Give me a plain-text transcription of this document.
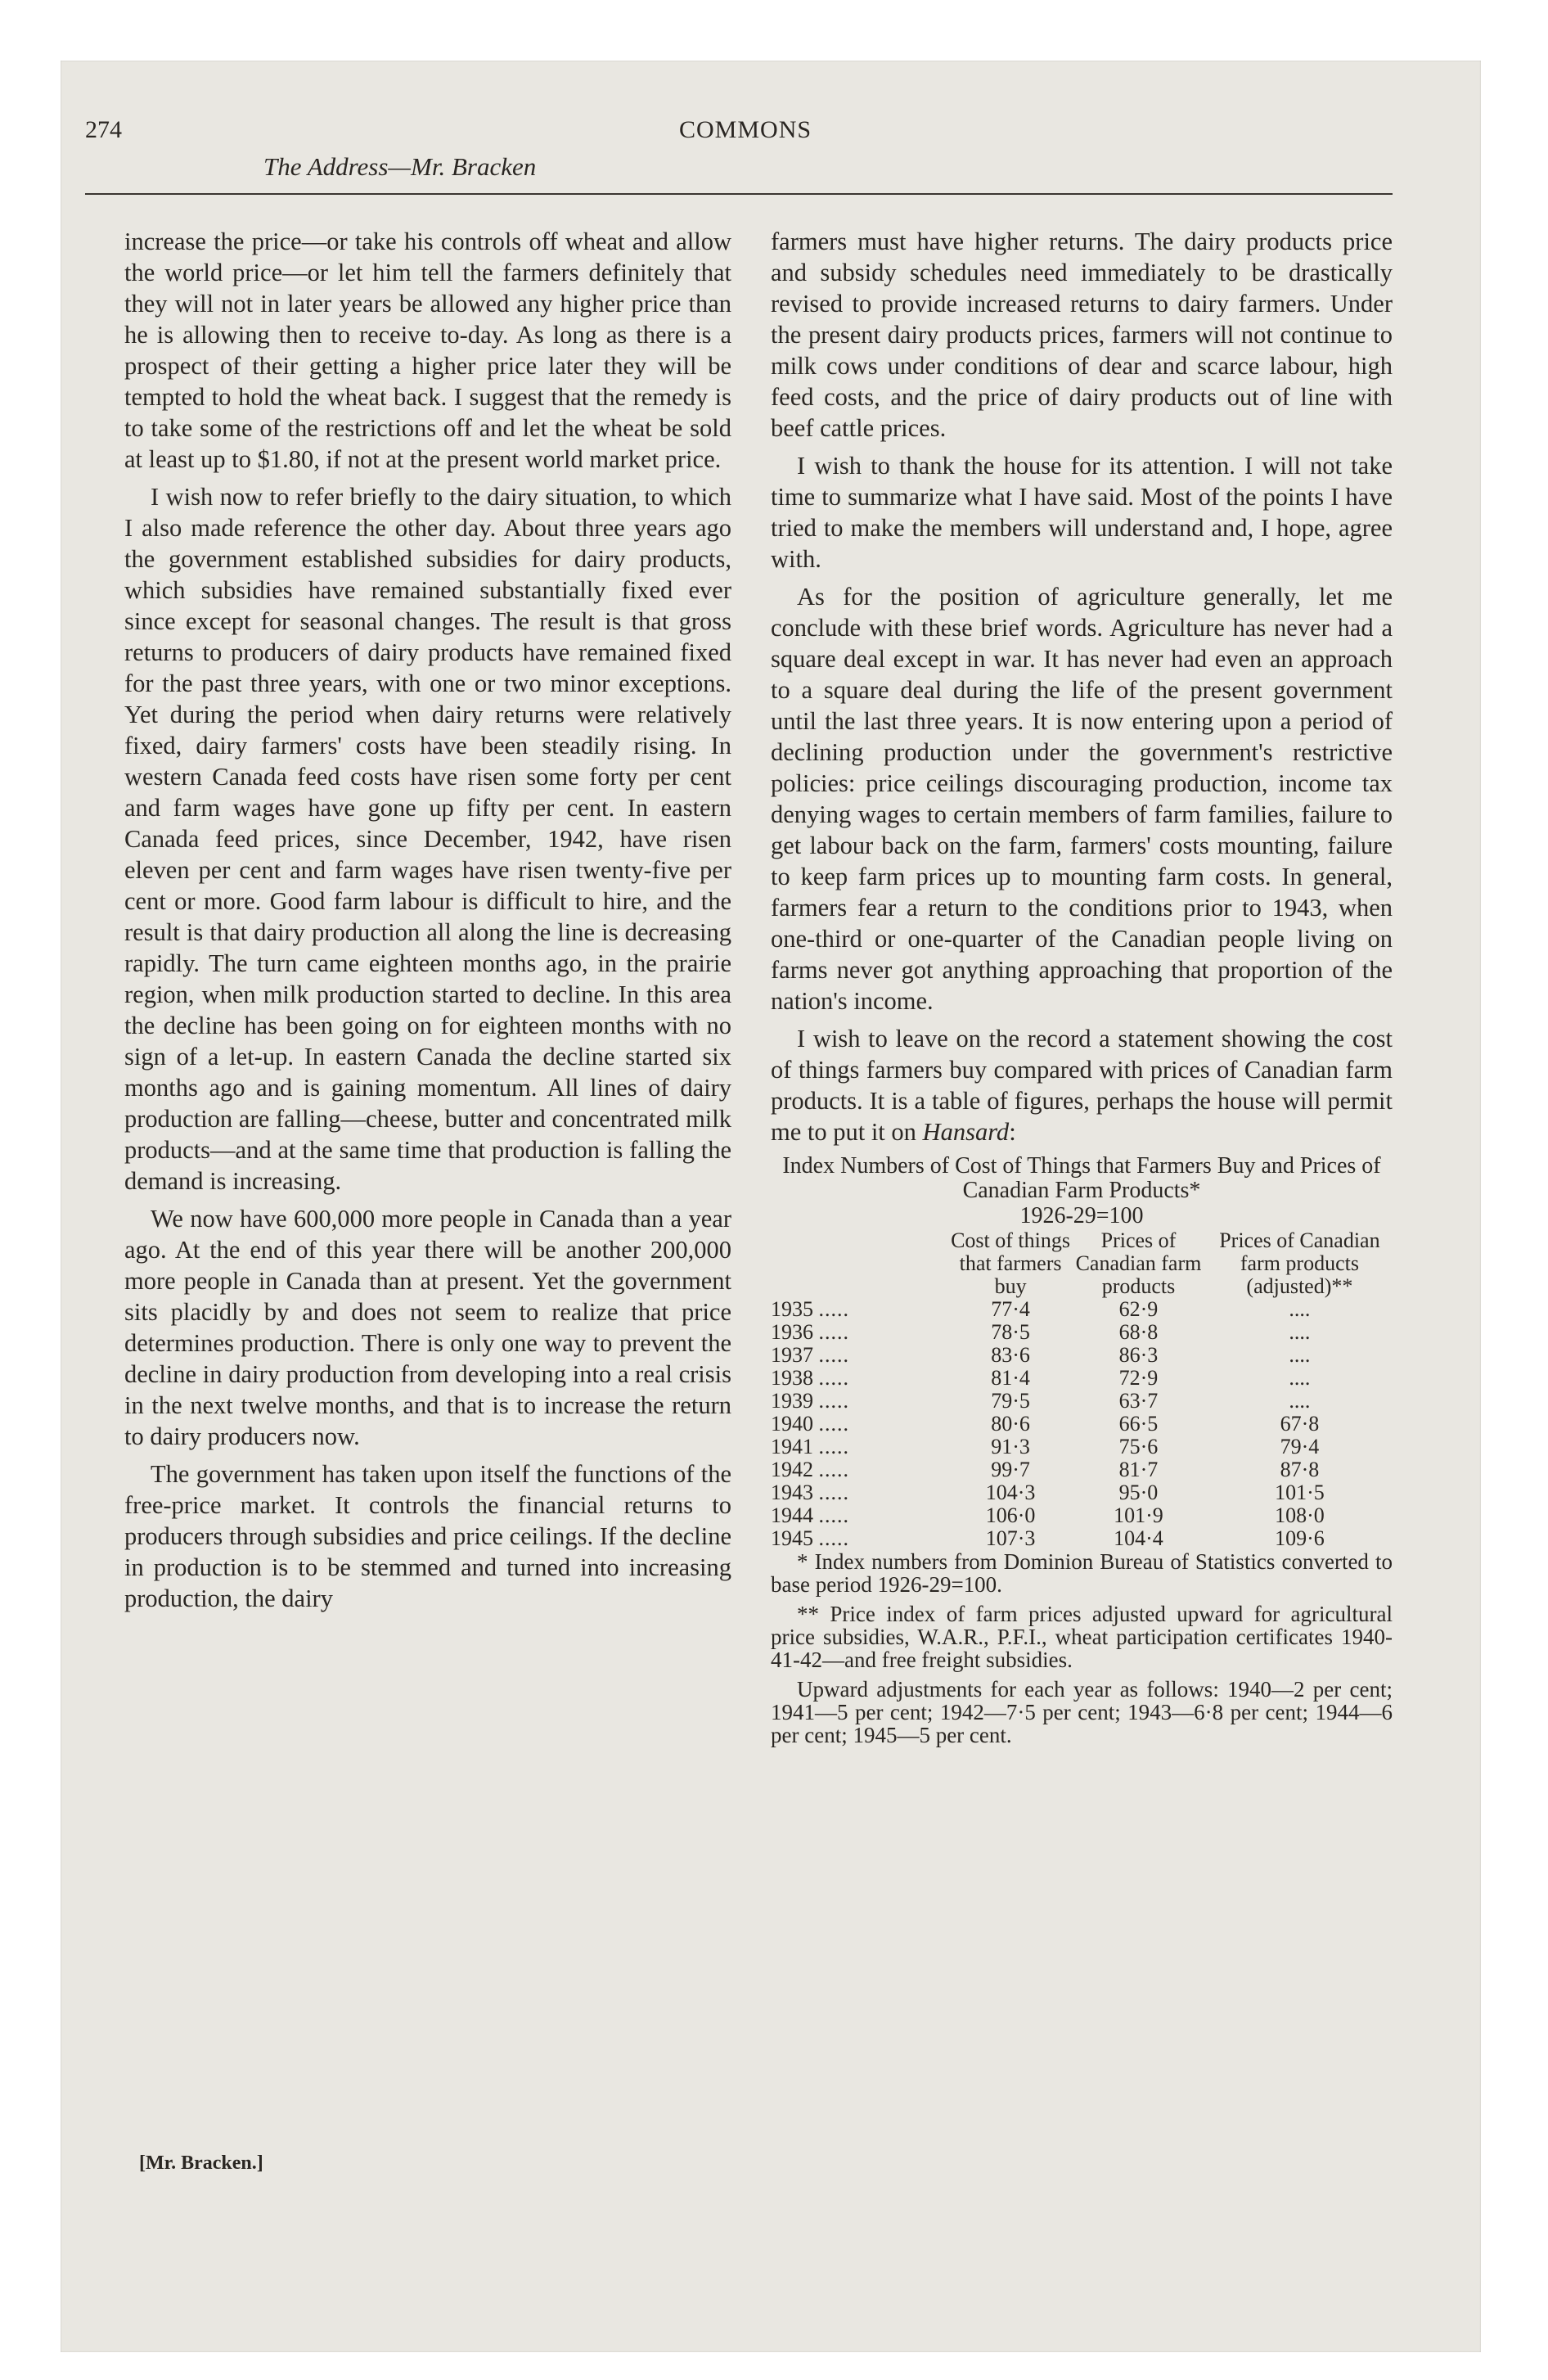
274	COMMONS
The Address—Mr. Bracken

increase the price—or take his controls off wheat and allow the world price—or let him tell the farmers definitely that they will not in later years be allowed any higher price than he is allowing then to receive to-day. As long as there is a prospect of their getting a higher price later they will be tempted to hold the wheat back. I suggest that the remedy is to take some of the restrictions off and let the wheat be sold at least up to $1.80, if not at the present world market price.

I wish now to refer briefly to the dairy situation, to which I also made reference the other day. About three years ago the government established subsidies for dairy products, which subsidies have remained substantially fixed ever since except for seasonal changes. The result is that gross returns to producers of dairy products have remained fixed for the past three years, with one or two minor exceptions. Yet during the period when dairy returns were relatively fixed, dairy farmers' costs have been steadily rising. In western Canada feed costs have risen some forty per cent and farm wages have gone up fifty per cent. In eastern Canada feed prices, since December, 1942, have risen eleven per cent and farm wages have risen twenty-five per cent or more. Good farm labour is difficult to hire, and the result is that dairy production all along the line is decreasing rapidly. The turn came eighteen months ago, in the prairie region, when milk production started to decline. In this area the decline has been going on for eighteen months with no sign of a let-up. In eastern Canada the decline started six months ago and is gaining momentum. All lines of dairy production are falling—cheese, butter and concentrated milk products—and at the same time that production is falling the demand is increasing.

We now have 600,000 more people in Canada than a year ago. At the end of this year there will be another 200,000 more people in Canada than at present. Yet the government sits placidly by and does not seem to realize that price determines production. There is only one way to prevent the decline in dairy production from developing into a real crisis in the next twelve months, and that is to increase the return to dairy producers now.

The government has taken upon itself the functions of the free-price market. It controls the financial returns to producers through subsidies and price ceilings. If the decline in production is to be stemmed and turned into increasing production, the dairy

farmers must have higher returns. The dairy products price and subsidy schedules need immediately to be drastically revised to provide increased returns to dairy farmers. Under the present dairy products prices, farmers will not continue to milk cows under conditions of dear and scarce labour, high feed costs, and the price of dairy products out of line with beef cattle prices.

I wish to thank the house for its attention. I will not take time to summarize what I have said. Most of the points I have tried to make the members will understand and, I hope, agree with.

As for the position of agriculture generally, let me conclude with these brief words. Agriculture has never had a square deal except in war. It has never had even an approach to a square deal during the life of the present government until the last three years. It is now entering upon a period of declining production under the government's restrictive policies: price ceilings discouraging production, income tax denying wages to certain members of farm families, failure to get labour back on the farm, farmers' costs mounting, failure to keep farm prices up to mounting farm costs. In general, farmers fear a return to the conditions prior to 1943, when one-third or one-quarter of the Canadian people living on farms never got anything approaching that proportion of the nation's income.

I wish to leave on the record a statement showing the cost of things farmers buy compared with prices of Canadian farm products. It is a table of figures, perhaps the house will permit me to put it on Hansard:

Index Numbers of Cost of Things that Farmers Buy and Prices of Canadian Farm Products*
1926-29=100
	Cost of things that farmers buy	Prices of Canadian farm products	Prices of Canadian farm products (adjusted)**
1935 .....	77·4	62·9	....
1936 .....	78·5	68·8	....
1937 .....	83·6	86·3	....
1938 .....	81·4	72·9	....
1939 .....	79·5	63·7	....
1940 .....	80·6	66·5	67·8
1941 .....	91·3	75·6	79·4
1942 .....	99·7	81·7	87·8
1943 .....	104·3	95·0	101·5
1944 .....	106·0	101·9	108·0
1945 .....	107·3	104·4	109·6

* Index numbers from Dominion Bureau of Statistics converted to base period 1926-29=100.

** Price index of farm prices adjusted upward for agricultural price subsidies, W.A.R., P.F.I., wheat participation certificates 1940-41-42—and free freight subsidies.

Upward adjustments for each year as follows: 1940—2 per cent; 1941—5 per cent; 1942—7·5 per cent; 1943—6·8 per cent; 1944—6 per cent; 1945—5 per cent.

[Mr. Bracken.]
